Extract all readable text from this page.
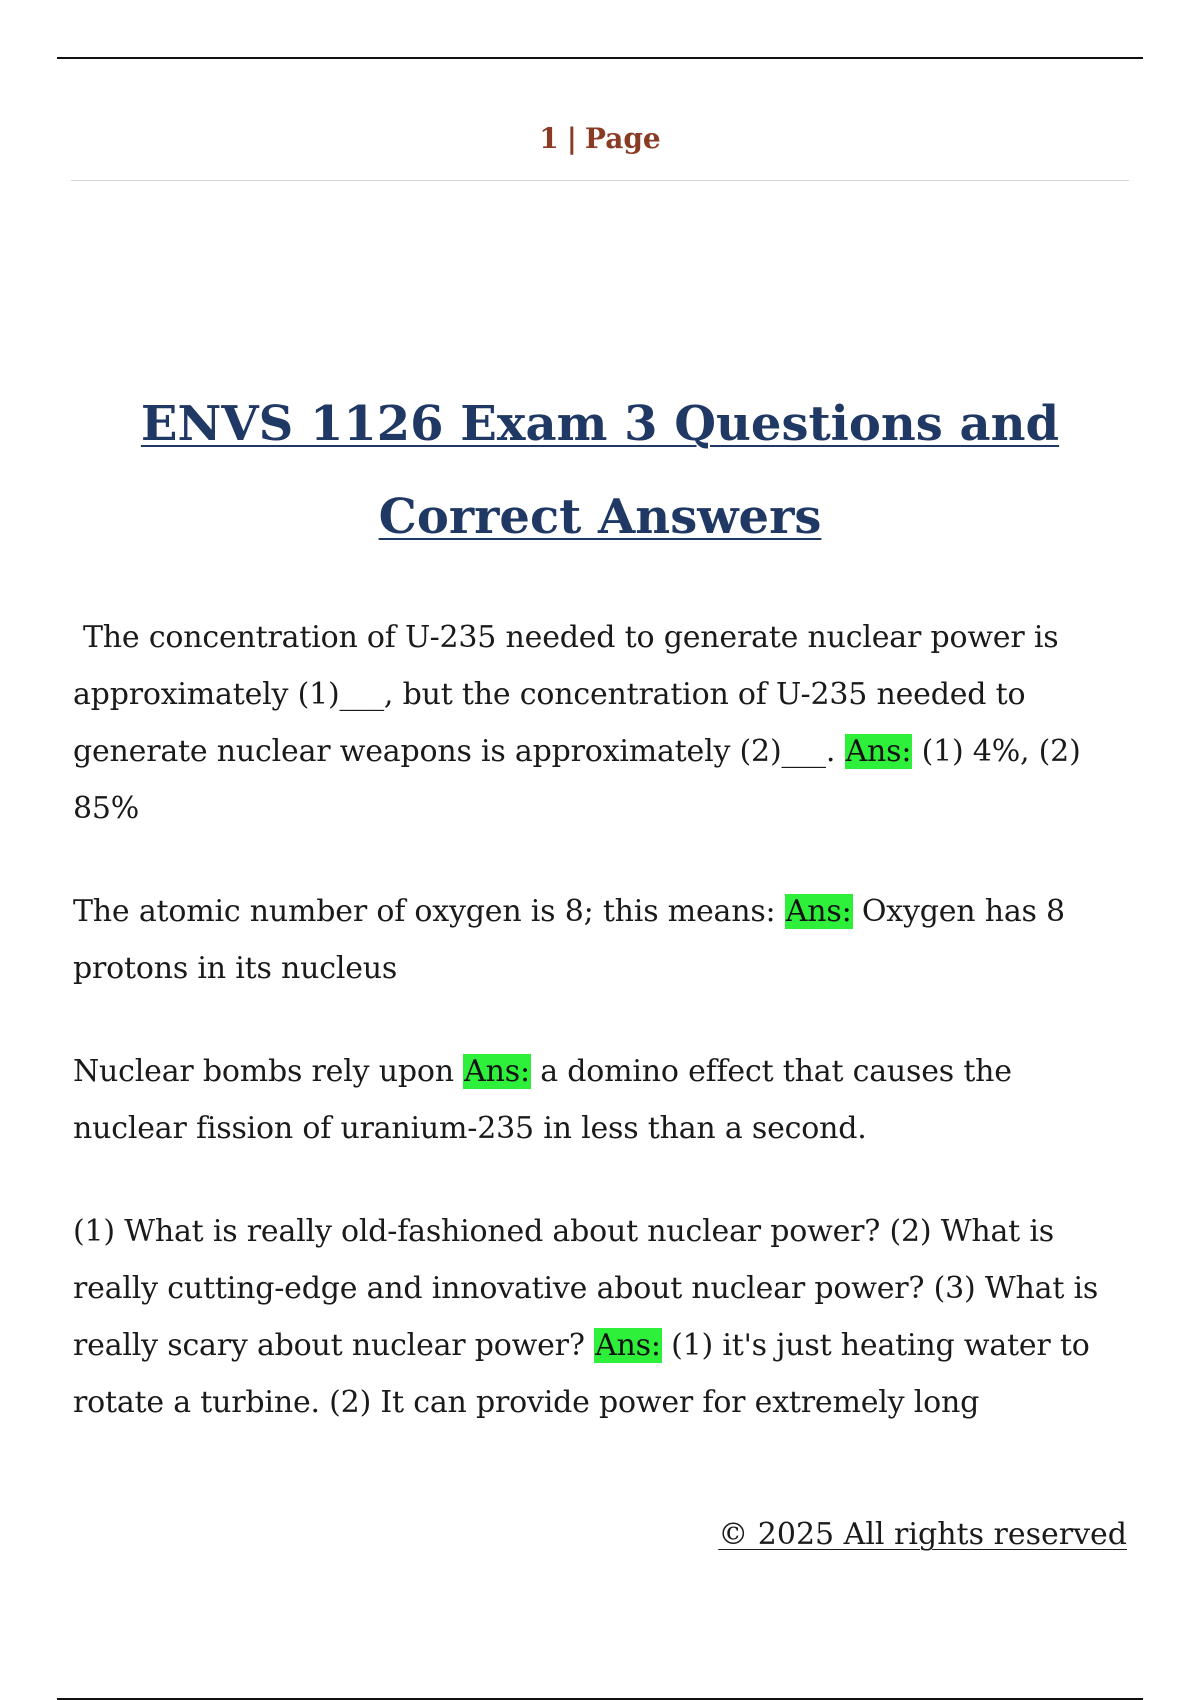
1 | Page
ENVS 1126 Exam 3 Questions and Correct Answers

The concentration of U-235 needed to generate nuclear power is approximately (1)___, but the concentration of U-235 needed to generate nuclear weapons is approximately (2)___. Ans: (1) 4%, (2) 85%

The atomic number of oxygen is 8; this means: Ans: Oxygen has 8 protons in its nucleus

Nuclear bombs rely upon Ans: a domino effect that causes the nuclear fission of uranium-235 in less than a second.

(1) What is really old-fashioned about nuclear power? (2) What is really cutting-edge and innovative about nuclear power? (3) What is really scary about nuclear power? Ans: (1) it's just heating water to rotate a turbine. (2) It can provide power for extremely long

© 2025 All rights reserved
